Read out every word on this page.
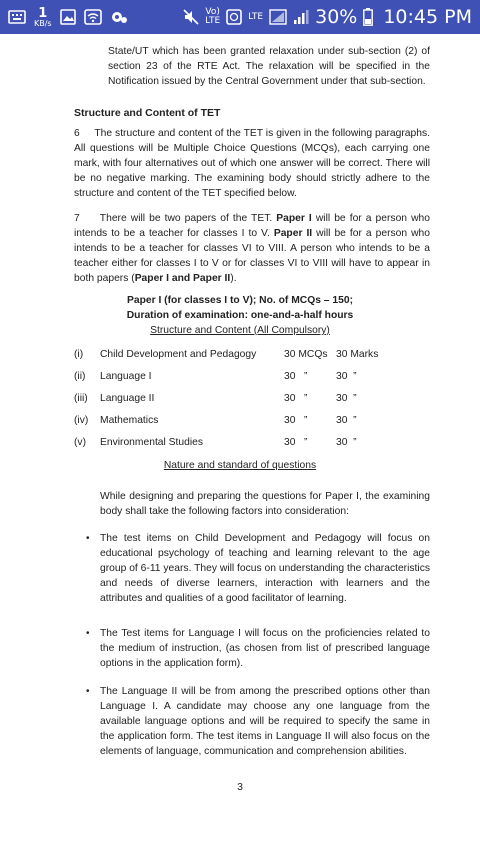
1
KB/s
Vo)
LTE	LTE	30% 10:45 PM
State/UT which has been granted relaxation under sub-section (2) of section 23 of the RTE Act. The relaxation will be specified in the Notification issued by the Central Government under that sub-section.
Structure and Content of TET
6     The structure and content of the TET is given in the following paragraphs. All questions will be Multiple Choice Questions (MCQs), each carrying one mark, with four alternatives out of which one answer will be correct. There will be no negative marking. The examining body should strictly adhere to the structure and content of the TET specified below.
7     There will be two papers of the TET. Paper I will be for a person who intends to be a teacher for classes I to V. Paper II will be for a person who intends to be a teacher for classes VI to VIII. A person who intends to be a teacher either for classes I to V or for classes VI to VIII will have to appear in both papers (Paper I and Paper II).
Paper I (for classes I to V); No. of MCQs – 150;
Duration of examination: one-and-a-half hours
Structure and Content (All Compulsory)
(i) Child Development and Pedagogy	30 MCQs 30 Marks
(ii) Language I	30   ”	30  ”
(iii) Language II	30   ”	30  ”
(iv) Mathematics	30   ”	30  ”
(v) Environmental Studies	30   ”	30  ”
Nature and standard of questions
While designing and preparing the questions for Paper I, the examining body shall take the following factors into consideration:
• The test items on Child Development and Pedagogy will focus on educational psychology of teaching and learning relevant to the age group of 6-11 years. They will focus on understanding the characteristics and needs of diverse learners, interaction with learners and the attributes and qualities of a good facilitator of learning.
• The Test items for Language I will focus on the proficiencies related to the medium of instruction, (as chosen from list of prescribed language options in the application form).
• The Language II will be from among the prescribed options other than Language I. A candidate may choose any one language from the available language options and will be required to specify the same in the application form. The test items in Language II will also focus on the elements of language, communication and comprehension abilities.
3
